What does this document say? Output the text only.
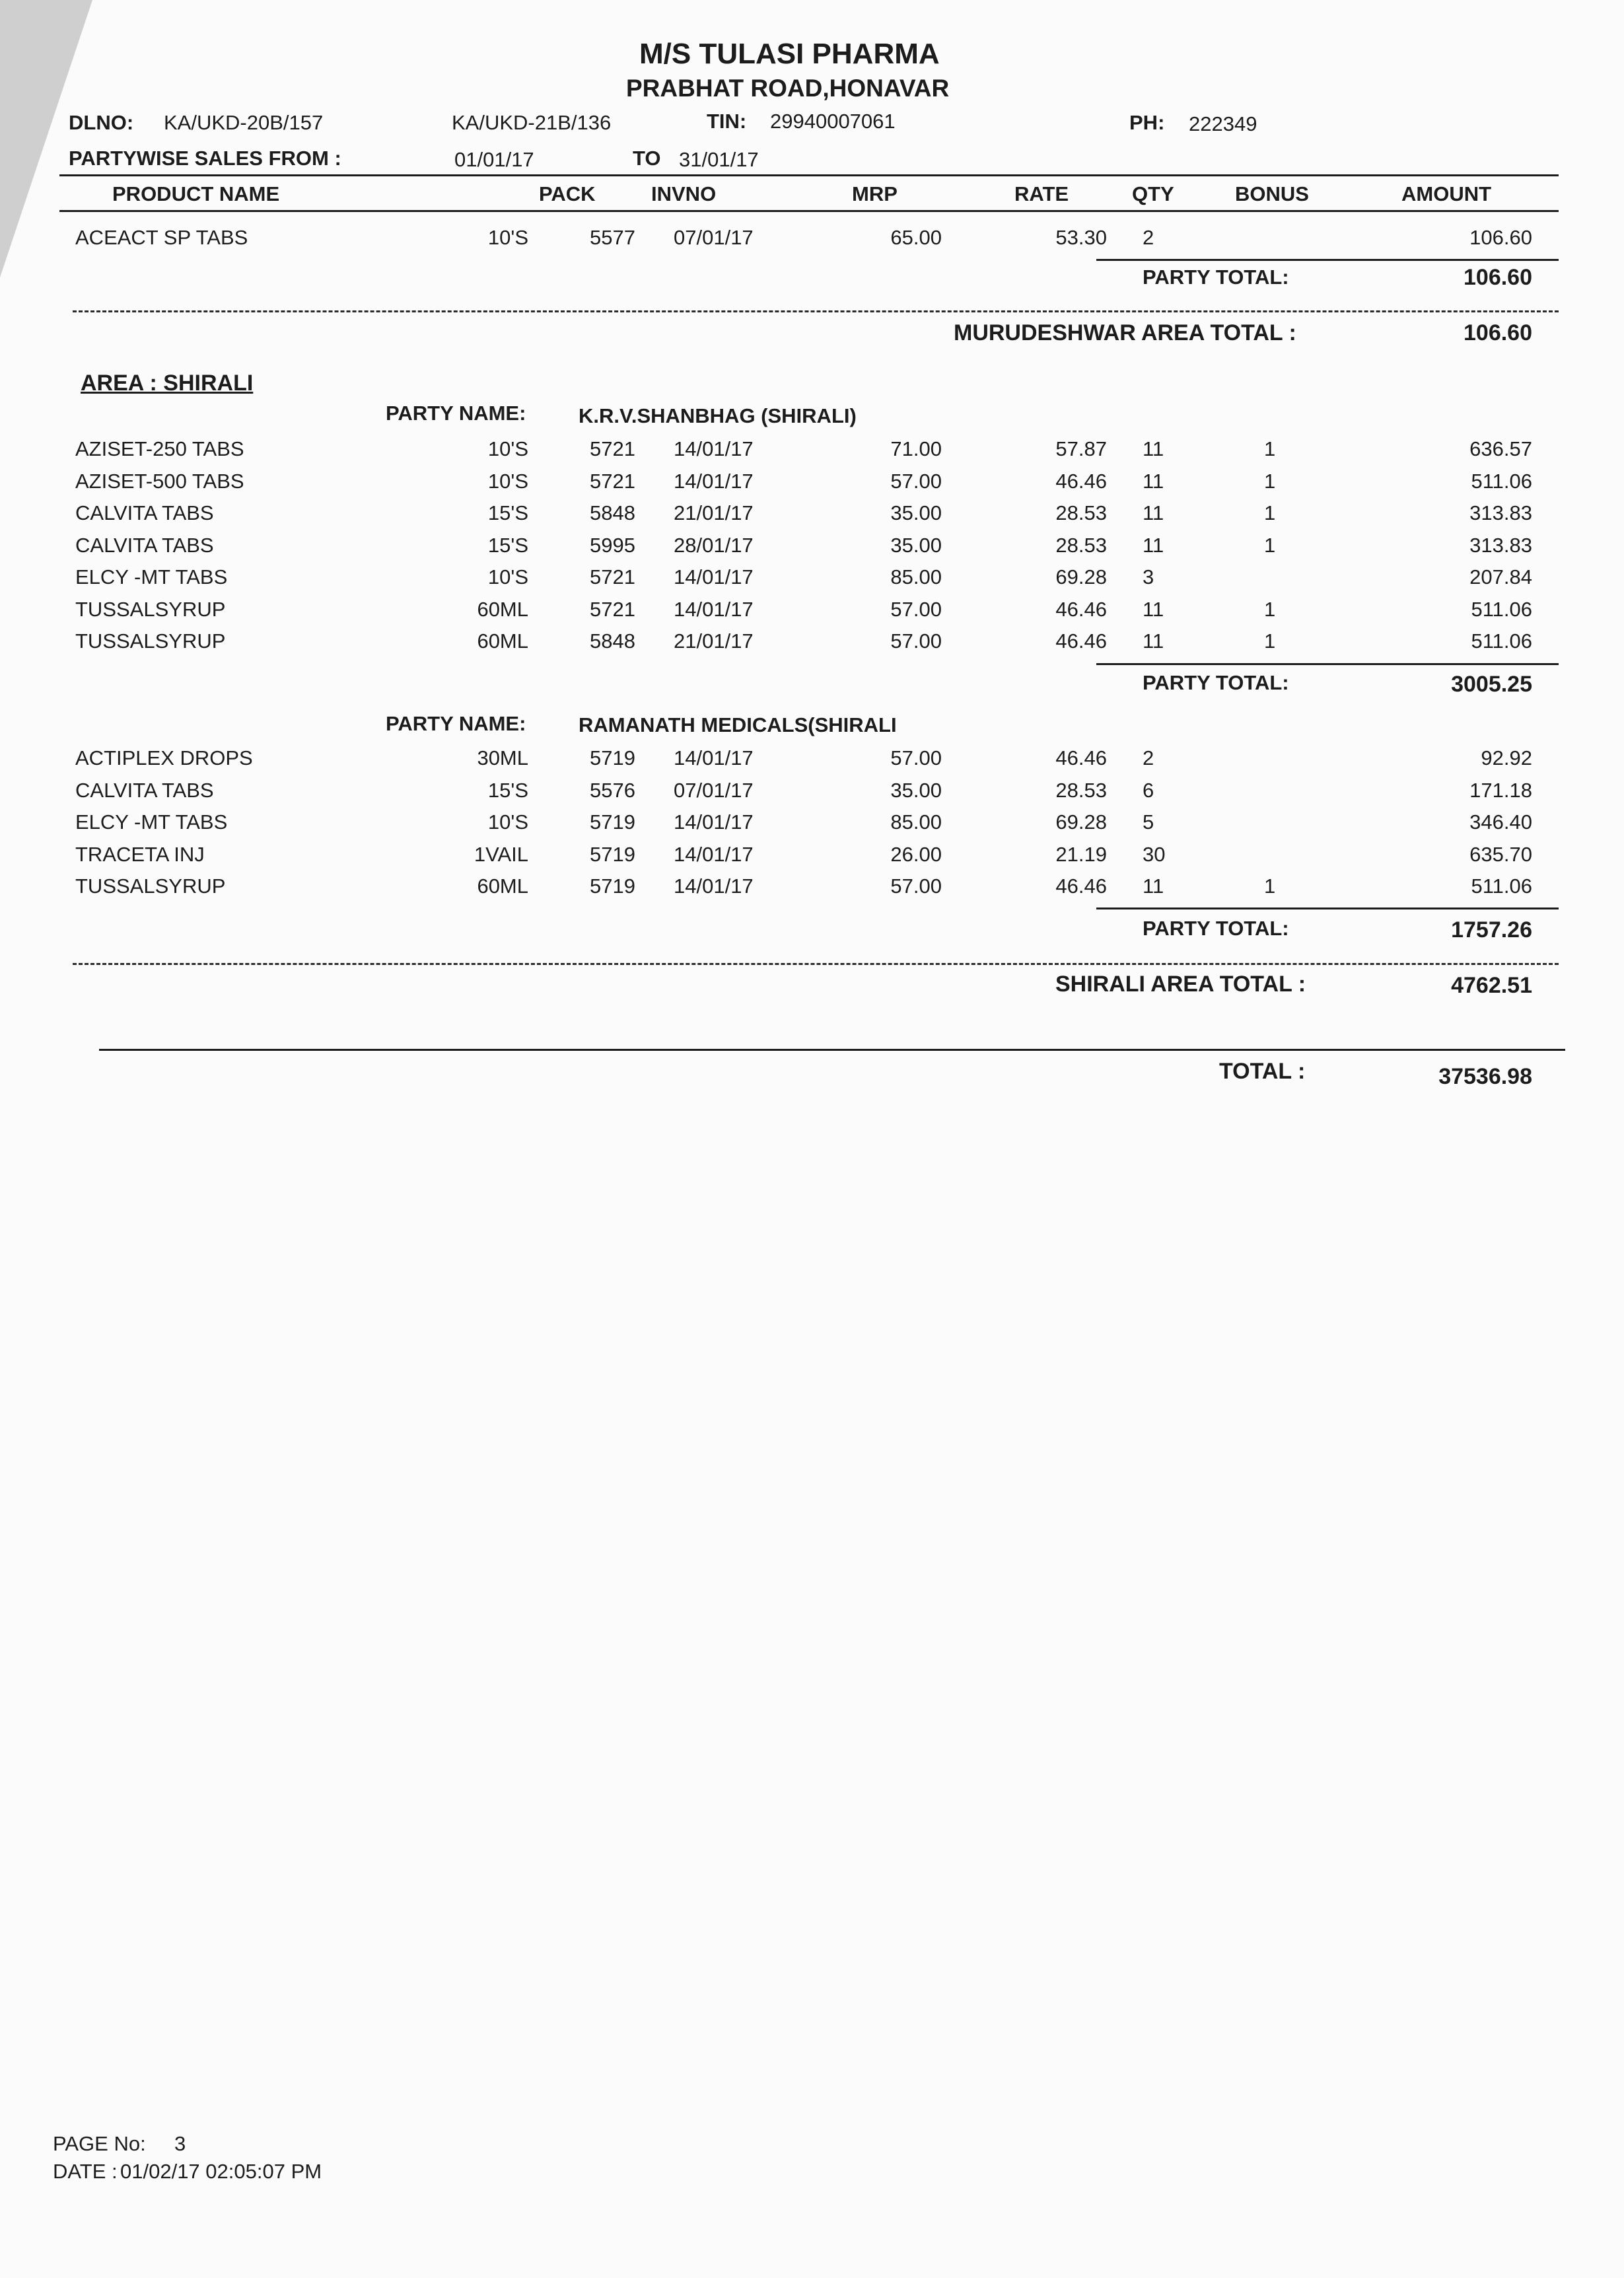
M/S TULASI PHARMA
PRABHAT ROAD,HONAVAR
DLNO: KA/UKD-20B/157	KA/UKD-21B/136	TIN: 29940007061	PH: 222349
PARTYWISE SALES FROM :	01/01/17	TO 31/01/17
PRODUCT NAME	PACK	INVNO	MRP	RATE	QTY	BONUS	AMOUNT
ACEACT SP TABS	10'S	5577 07/01/17	65.00	53.30 2	106.60
PARTY TOTAL:	106.60
MURUDESHWAR AREA TOTAL :	106.60
AREA : SHIRALI
PARTY NAME:	K.R.V.SHANBHAG (SHIRALI)
AZISET-250 TABS	10'S	5721 14/01/17	71.00	57.87 11	1	636.57
AZISET-500 TABS	10'S	5721 14/01/17	57.00	46.46 11	1	511.06
CALVITA TABS	15'S	5848 21/01/17	35.00	28.53 11	1	313.83
CALVITA TABS	15'S	5995 28/01/17	35.00	28.53 11	1	313.83
ELCY -MT TABS	10'S	5721 14/01/17	85.00	69.28 3	207.84
TUSSALSYRUP	60ML	5721 14/01/17	57.00	46.46 11	1	511.06
TUSSALSYRUP	60ML	5848 21/01/17	57.00	46.46 11	1	511.06
PARTY TOTAL:	3005.25
PARTY NAME:	RAMANATH MEDICALS(SHIRALI
ACTIPLEX DROPS	30ML	5719 14/01/17	57.00	46.46 2	92.92
CALVITA TABS	15'S	5576 07/01/17	35.00	28.53 6	171.18
ELCY -MT TABS	10'S	5719 14/01/17	85.00	69.28 5	346.40
TRACETA INJ	1VAIL	5719 14/01/17	26.00	21.19 30	635.70
TUSSALSYRUP	60ML	5719 14/01/17	57.00	46.46 11	1	511.06
PARTY TOTAL:	1757.26
SHIRALI AREA TOTAL :	4762.51
TOTAL :	37536.98
PAGE No: 3
DATE : 01/02/17 02:05:07 PM
